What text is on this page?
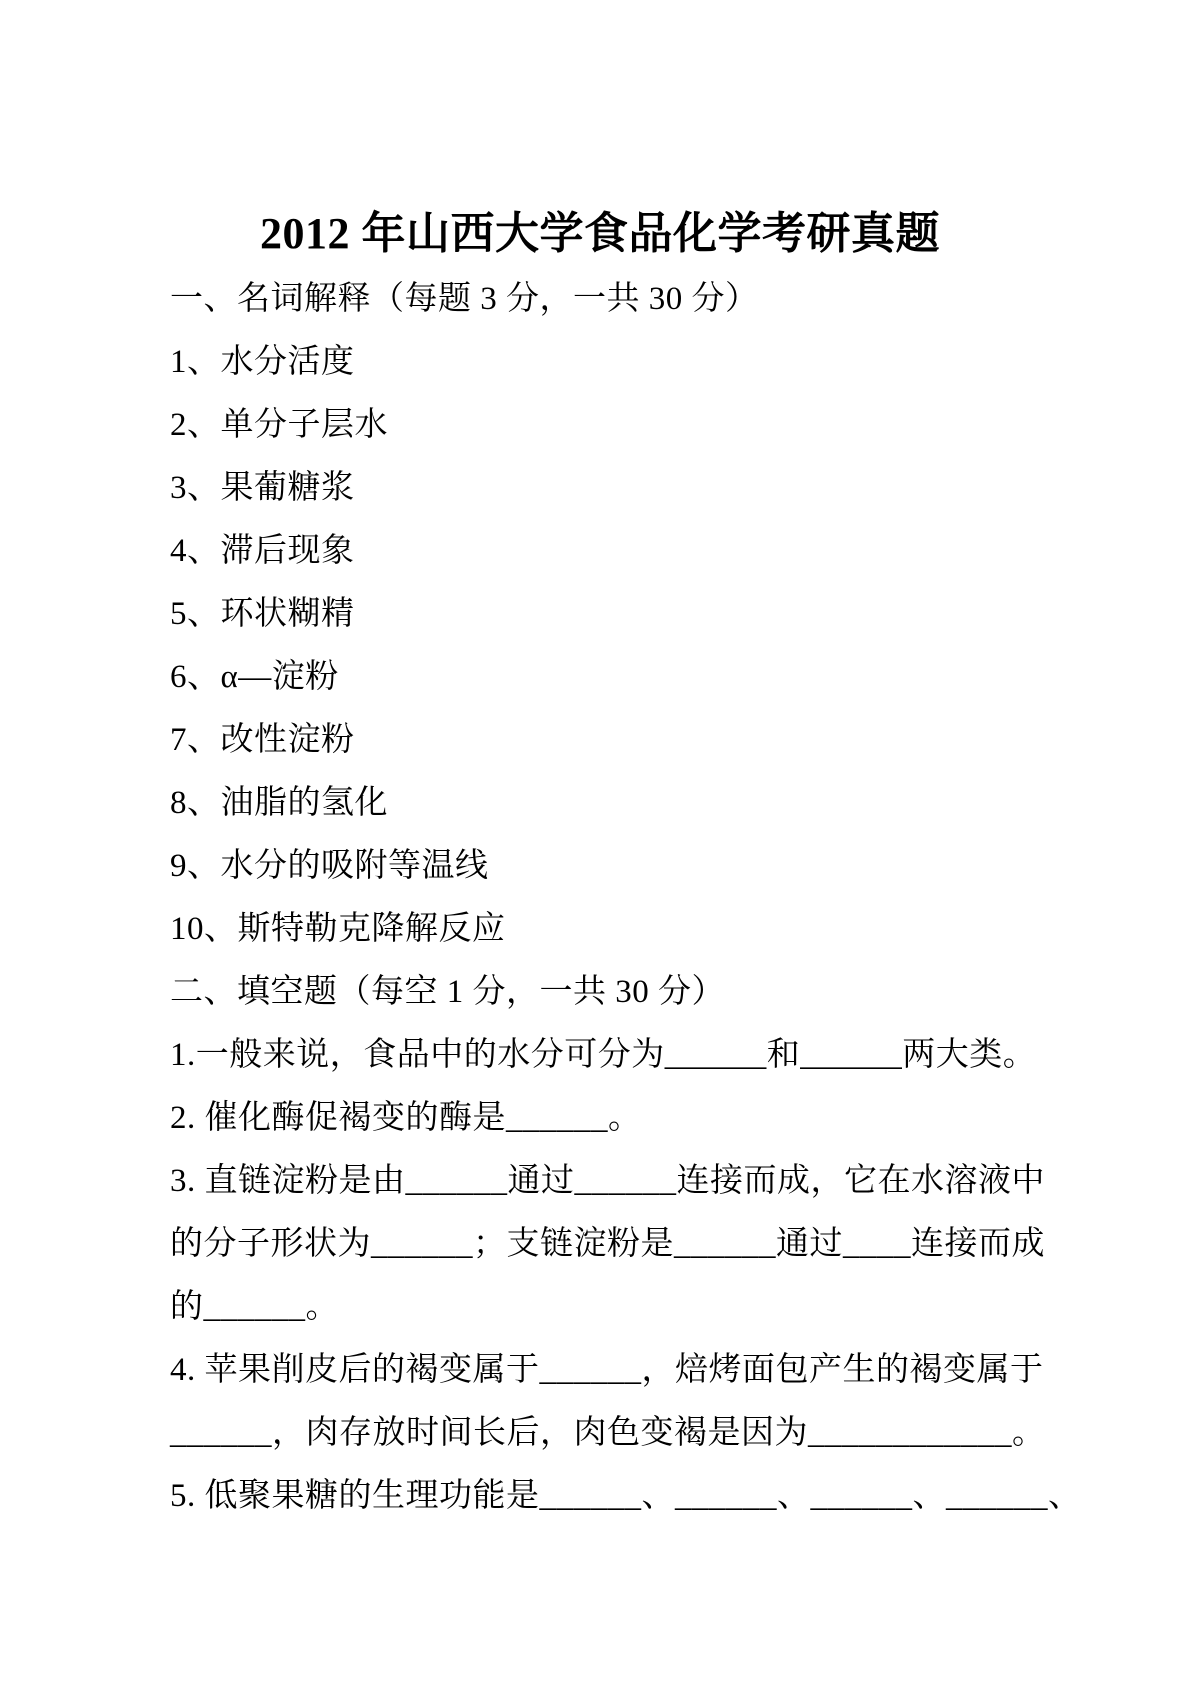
2012 年山西大学食品化学考研真题

一、名词解释（每题 3 分，一共 30 分）

1、水分活度

2、单分子层水

3、果葡糖浆

4、滞后现象

5、环状糊精

6、α—淀粉

7、改性淀粉

8、油脂的氢化

9、水分的吸附等温线

10、斯特勒克降解反应

二、填空题（每空 1 分，一共 30 分）

1.一般来说，食品中的水分可分为______和______两大类。

2. 催化酶促褐变的酶是______。

3. 直链淀粉是由______通过______连接而成，它在水溶液中

的分子形状为______；支链淀粉是______通过____连接而成

的______。

4. 苹果削皮后的褐变属于______，焙烤面包产生的褐变属于

______，肉存放时间长后，肉色变褐是因为____________。

5. 低聚果糖的生理功能是______、______、______、______、
